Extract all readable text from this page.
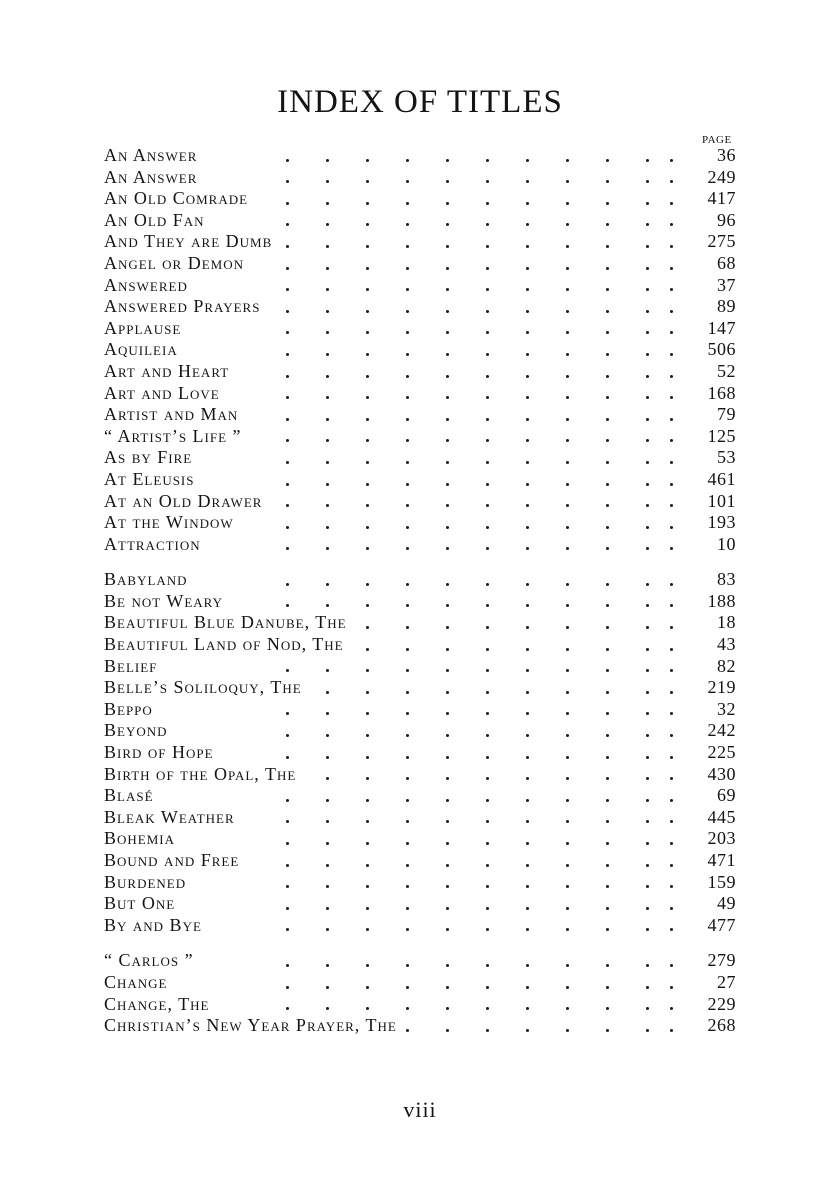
INDEX OF TITLES
PAGE
An Answer	36
An Answer	249
An Old Comrade	417
An Old Fan	96
And They are Dumb	275
Angel or Demon	68
Answered	37
Answered Prayers	89
Applause	147
Aquileia	506
Art and Heart	52
Art and Love	168
Artist and Man	79
“ Artist’s Life ”	125
As by Fire	53
At Eleusis	461
At an Old Drawer	101
At the Window	193
Attraction	10
Babyland	83
Be not Weary	188
Beautiful Blue Danube, The	18
Beautiful Land of Nod, The	43
Belief	82
Belle’s Soliloquy, The	219
Beppo	32
Beyond	242
Bird of Hope	225
Birth of the Opal, The	430
Blasé	69
Bleak Weather	445
Bohemia	203
Bound and Free	471
Burdened	159
But One	49
By and Bye	477
“ Carlos ”	279
Change	27
Change, The	229
Christian’s New Year Prayer, The	268
viii
